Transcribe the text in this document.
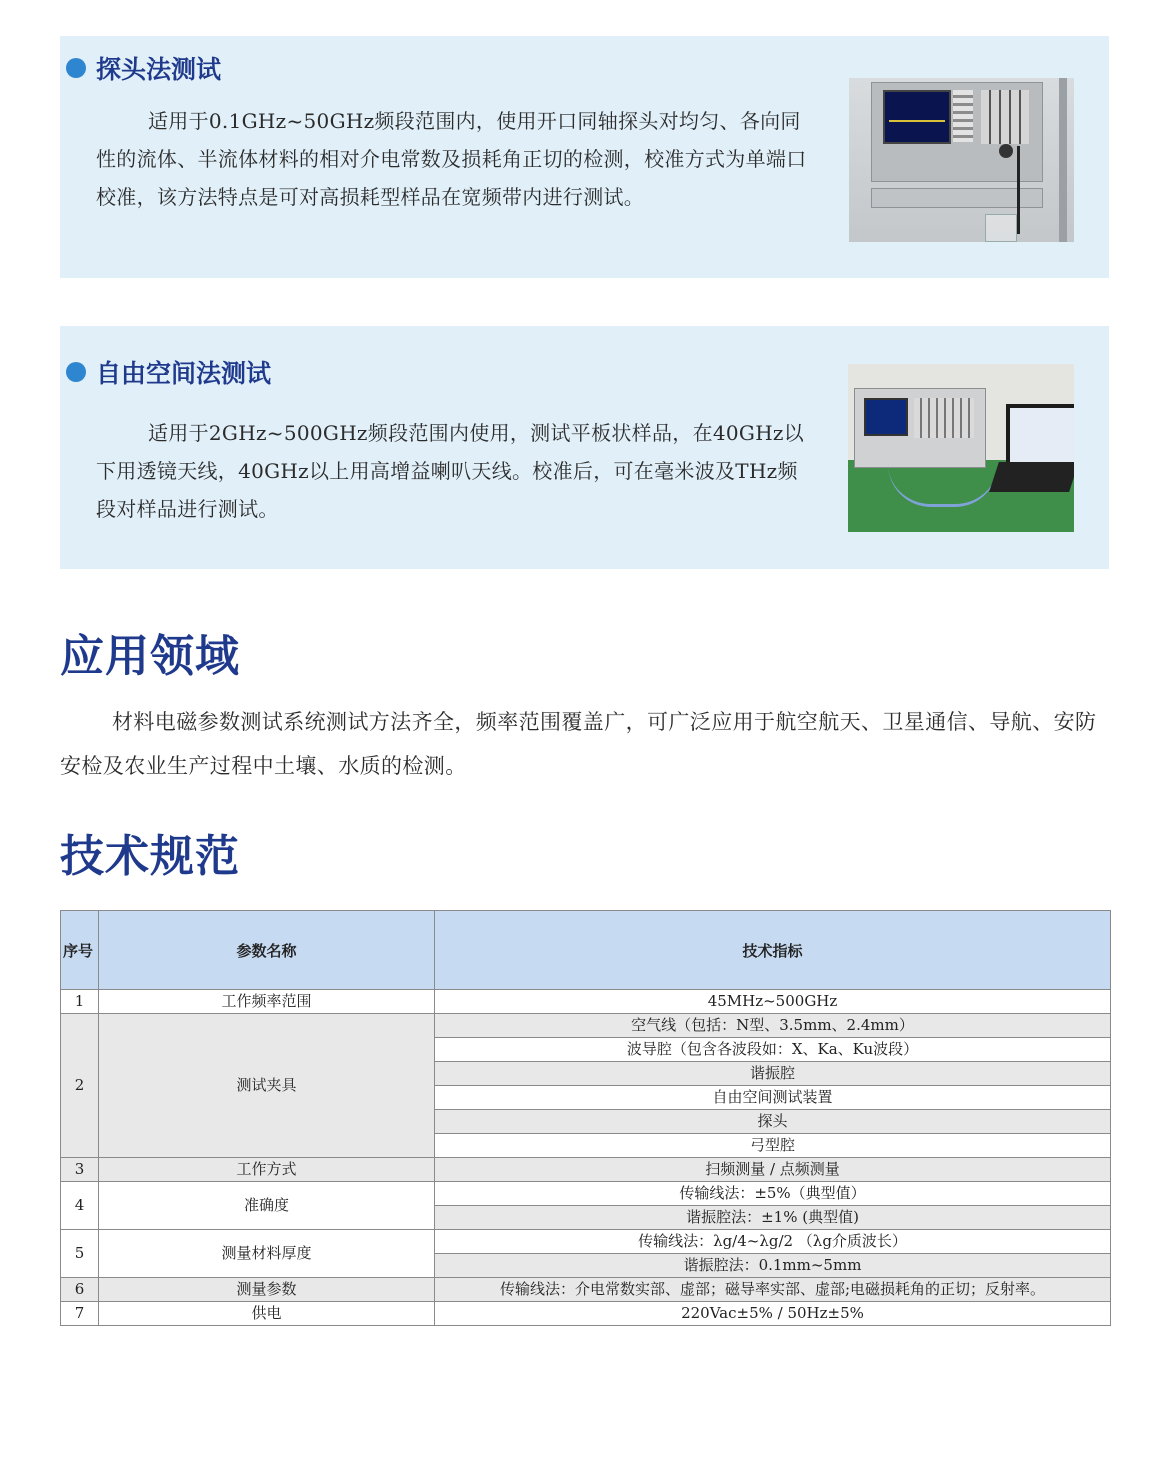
探头法测试
适用于0.1GHz~50GHz频段范围内，使用开口同轴探头对均匀、各向同性的流体、半流体材料的相对介电常数及损耗角正切的检测，校准方式为单端口校准，该方法特点是可对高损耗型样品在宽频带内进行测试。
自由空间法测试
适用于2GHz~500GHz频段范围内使用，测试平板状样品，在40GHz以下用透镜天线，40GHz以上用高增益喇叭天线。校准后，可在毫米波及THz频段对样品进行测试。
应用领域
材料电磁参数测试系统测试方法齐全，频率范围覆盖广，可广泛应用于航空航天、卫星通信、导航、安防安检及农业生产过程中土壤、水质的检测。
技术规范
序号	参数名称	技术指标
1	工作频率范围	45MHz~500GHz
2	测试夹具	空气线（包括：N型、3.5mm、2.4mm）
		波导腔（包含各波段如：X、Ka、Ku波段）
		谐振腔
		自由空间测试装置
		探头
		弓型腔
3	工作方式	扫频测量 / 点频测量
4	准确度	传输线法：±5%（典型值）
		谐振腔法：±1% (典型值)
5	测量材料厚度	传输线法：λg/4~λg/2 （λg介质波长）
		谐振腔法：0.1mm~5mm
6	测量参数	传输线法：介电常数实部、虚部；磁导率实部、虚部;电磁损耗角的正切；反射率。
7	供电	220Vac±5% / 50Hz±5%
